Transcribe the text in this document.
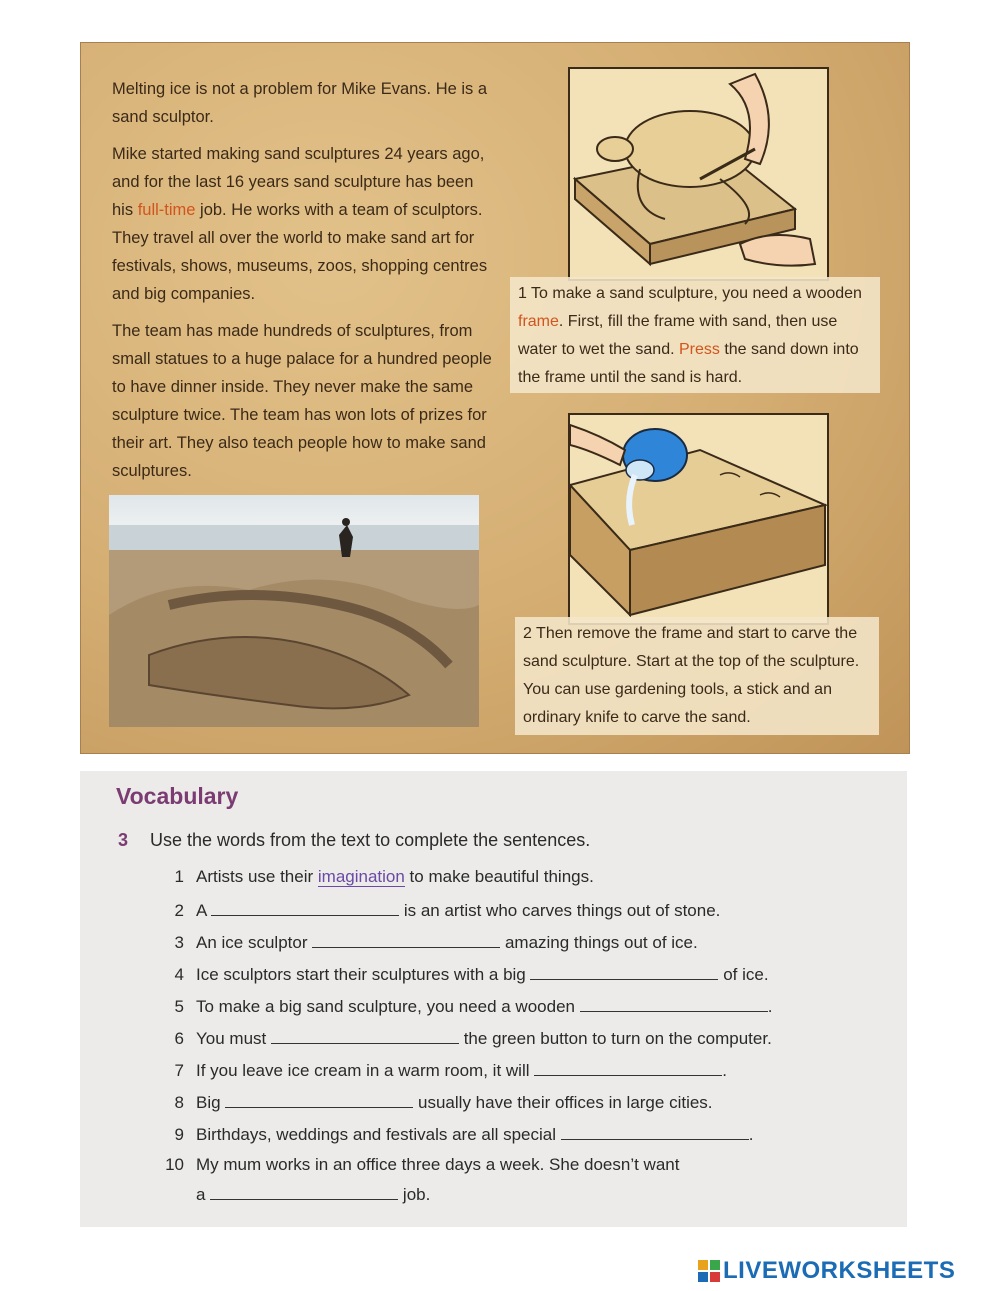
Melting ice is not a problem for Mike Evans. He is a sand sculptor.

Mike started making sand sculptures 24 years ago, and for the last 16 years sand sculpture has been his full-time job. He works with a team of sculptors. They travel all over the world to make sand art for festivals, shows, museums, zoos, shopping centres and big companies.

The team has made hundreds of sculptures, from small statues to a huge palace for a hundred people to have dinner inside. They never make the same sculpture twice. The team has won lots of prizes for their art. They also teach people how to make sand sculptures.

1 To make a sand sculpture, you need a wooden frame. First, fill the frame with sand, then use water to wet the sand. Press the sand down into the frame until the sand is hard.
2 Then remove the frame and start to carve the sand sculpture. Start at the top of the sculpture. You can use gardening tools, a stick and an ordinary knife to carve the sand.
Vocabulary
3 Use the words from the text to complete the sentences.
1 Artists use their imagination to make beautiful things.
2 A	is an artist who carves things out of stone.
3 An ice sculptor	amazing things out of ice.
4 Ice sculptors start their sculptures with a big	of ice.
5 To make a big sand sculpture, you need a wooden	.
6 You must	the green button to turn on the computer.
7 If you leave ice cream in a warm room, it will	.
8 Big	usually have their offices in large cities.
9 Birthdays, weddings and festivals are all special	.
10 My mum works in an office three days a week. She doesn’t want
a	job.
LIVEWORKSHEETS
